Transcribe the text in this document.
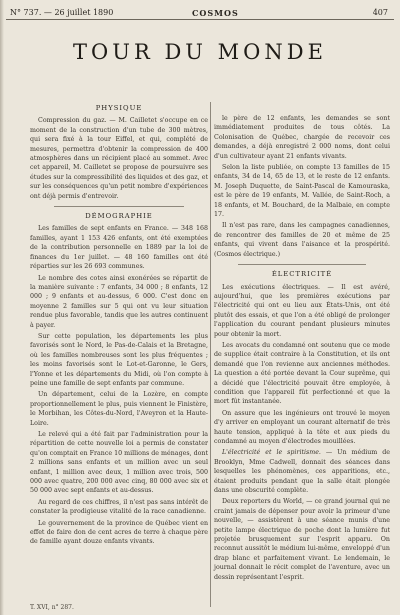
N° 737. — 26 juillet 1890	COSMOS	407
TOUR DU MONDE
PHYSIQUE

Compression du gaz. — M. Cailletet s'occupe en ce moment de la construction d'un tube de 300 mètres, qui sera fixé à la tour Eiffel, et qui, complété de mesures, permettra d'obtenir la compression de 400 atmosphères dans un récipient placé au sommet. Avec cet appareil, M. Cailletet se propose de poursuivre ses études sur la compressibilité des liquides et des gaz, et sur les conséquences qu'un petit nombre d'expériences ont déjà permis d'entrevoir.

DÉMOGRAPHIE

Les familles de sept enfants en France. — 348 168 familles, ayant 1 153 426 enfants, ont été exemptées de la contribution personnelle en 1889 par la loi de finances du 1er juillet. — 48 160 familles ont été réparties sur les 26 693 communes.

Le nombre des cotes ainsi exonérées se répartit de la manière suivante : 7 enfants, 34 000 ; 8 enfants, 12 000 ; 9 enfants et au-dessus, 6 000. C'est donc en moyenne 2 familles sur 5 qui ont vu leur situation rendue plus favorable, tandis que les autres continuent à payer.

Sur cette population, les départements les plus favorisés sont le Nord, le Pas-de-Calais et la Bretagne, où les familles nombreuses sont les plus fréquentes ; les moins favorisés sont le Lot-et-Garonne, le Gers, l'Yonne et les départements du Midi, où l'on compte à peine une famille de sept enfants par commune.

Un département, celui de la Lozère, en compte proportionnellement le plus, puis viennent le Finistère, le Morbihan, les Côtes-du-Nord, l'Aveyron et la Haute-Loire.

Le relevé qui a été fait par l'administration pour la répartition de cette nouvelle loi a permis de constater qu'on comptait en France 10 millions de ménages, dont 2 millions sans enfants et un million avec un seul enfant, 1 million avec deux, 1 million avec trois, 500 000 avec quatre, 200 000 avec cinq, 80 000 avec six et 50 000 avec sept enfants et au-dessus.

Au regard de ces chiffres, il n'est pas sans intérêt de constater la prodigieuse vitalité de la race canadienne.

Le gouvernement de la province de Québec vient en effet de faire don de cent acres de terre à chaque père de famille ayant douze enfants vivants.

le père de 12 enfants, les demandes se sont immédiatement produites de tous côtés. La Colonisation de Québec, chargée de recevoir ces demandes, a déjà enregistré 2 000 noms, dont celui d'un cultivateur ayant 21 enfants vivants.

Selon la liste publiée, on compte 13 familles de 15 enfants, 34 de 14, 65 de 13, et le reste de 12 enfants. M. Joseph Duquette, de Saint-Pascal de Kamouraska, est le père de 19 enfants, M. Vallée, de Saint-Roch, a 18 enfants, et M. Bouchard, de la Malbaie, en compte 17.

Il n'est pas rare, dans les campagnes canadiennes, de rencontrer des familles de 20 et même de 25 enfants, qui vivent dans l'aisance et la prospérité. (Cosmos électrique.)

ÉLECTRICITÉ

Les exécutions électriques. — Il est avéré, aujourd'hui, que les premières exécutions par l'électricité qui ont eu lieu aux États-Unis, ont été plutôt des essais, et que l'on a été obligé de prolonger l'application du courant pendant plusieurs minutes pour obtenir la mort.

Les avocats du condamné ont soutenu que ce mode de supplice était contraire à la Constitution, et ils ont demandé que l'on revienne aux anciennes méthodes. La question a été portée devant la Cour suprême, qui a décidé que l'électricité pouvait être employée, à condition que l'appareil fût perfectionné et que la mort fût instantanée.

On assure que les ingénieurs ont trouvé le moyen d'y arriver en employant un courant alternatif de très haute tension, appliqué à la tête et aux pieds du condamné au moyen d'électrodes mouillées.

L'électricité et le spiritisme. — Un médium de Brooklyn, Mme Cadwell, donnait des séances dans lesquelles les phénomènes, ces apparitions, etc., étaient produits pendant que la salle était plongée dans une obscurité complète.

Deux reporters du World, — ce grand journal qui ne craint jamais de dépenser pour avoir la primeur d'une nouvelle, — assistèrent à une séance munis d'une petite lampe électrique de poche dont la lumière fut projetée brusquement sur l'esprit apparu. On reconnut aussitôt le médium lui-même, enveloppé d'un drap blanc et parfaitement vivant. Le lendemain, le journal donnait le récit complet de l'aventure, avec un dessin représentant l'esprit.

T. XVI, n° 287.
